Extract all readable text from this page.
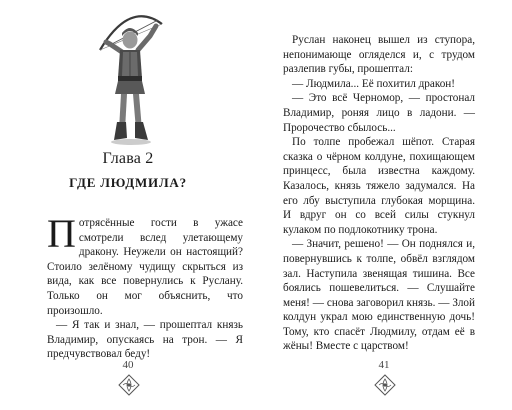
Глава 2
ГДЕ ЛЮДМИЛА?

Потрясённые гости в ужасе смотрели вслед улетающему дракону. Неужели он настоящий? Стоило зелёному чудищу скрыться из вида, как все повернулись к Руслану. Только он мог объяснить, что произошло.

— Я так и знал, — прошептал князь Владимир, опускаясь на трон. — Я предчувствовал беду!

40

Руслан наконец вышел из ступора, непонимающе огляделся и, с трудом разлепив губы, прошептал:

— Людмила... Её похитил дракон!

— Это всё Черномор, — простонал Владимир, роняя лицо в ладони. — Пророчество сбылось...

По толпе пробежал шёпот. Старая сказка о чёрном колдуне, похищающем принцесс, была известна каждому. Казалось, князь тяжело задумался. На его лбу выступила глубокая морщина. И вдруг он со всей силы стукнул кулаком по подлокотнику трона.

— Значит, решено! — Он поднялся и, повернувшись к толпе, обвёл взглядом зал. Наступила звенящая тишина. Все боялись пошевелиться. — Слушайте меня! — снова заговорил князь. — Злой колдун украл мою единственную дочь! Тому, кто спасёт Людмилу, отдам её в жёны! Вместе с царством!

41
